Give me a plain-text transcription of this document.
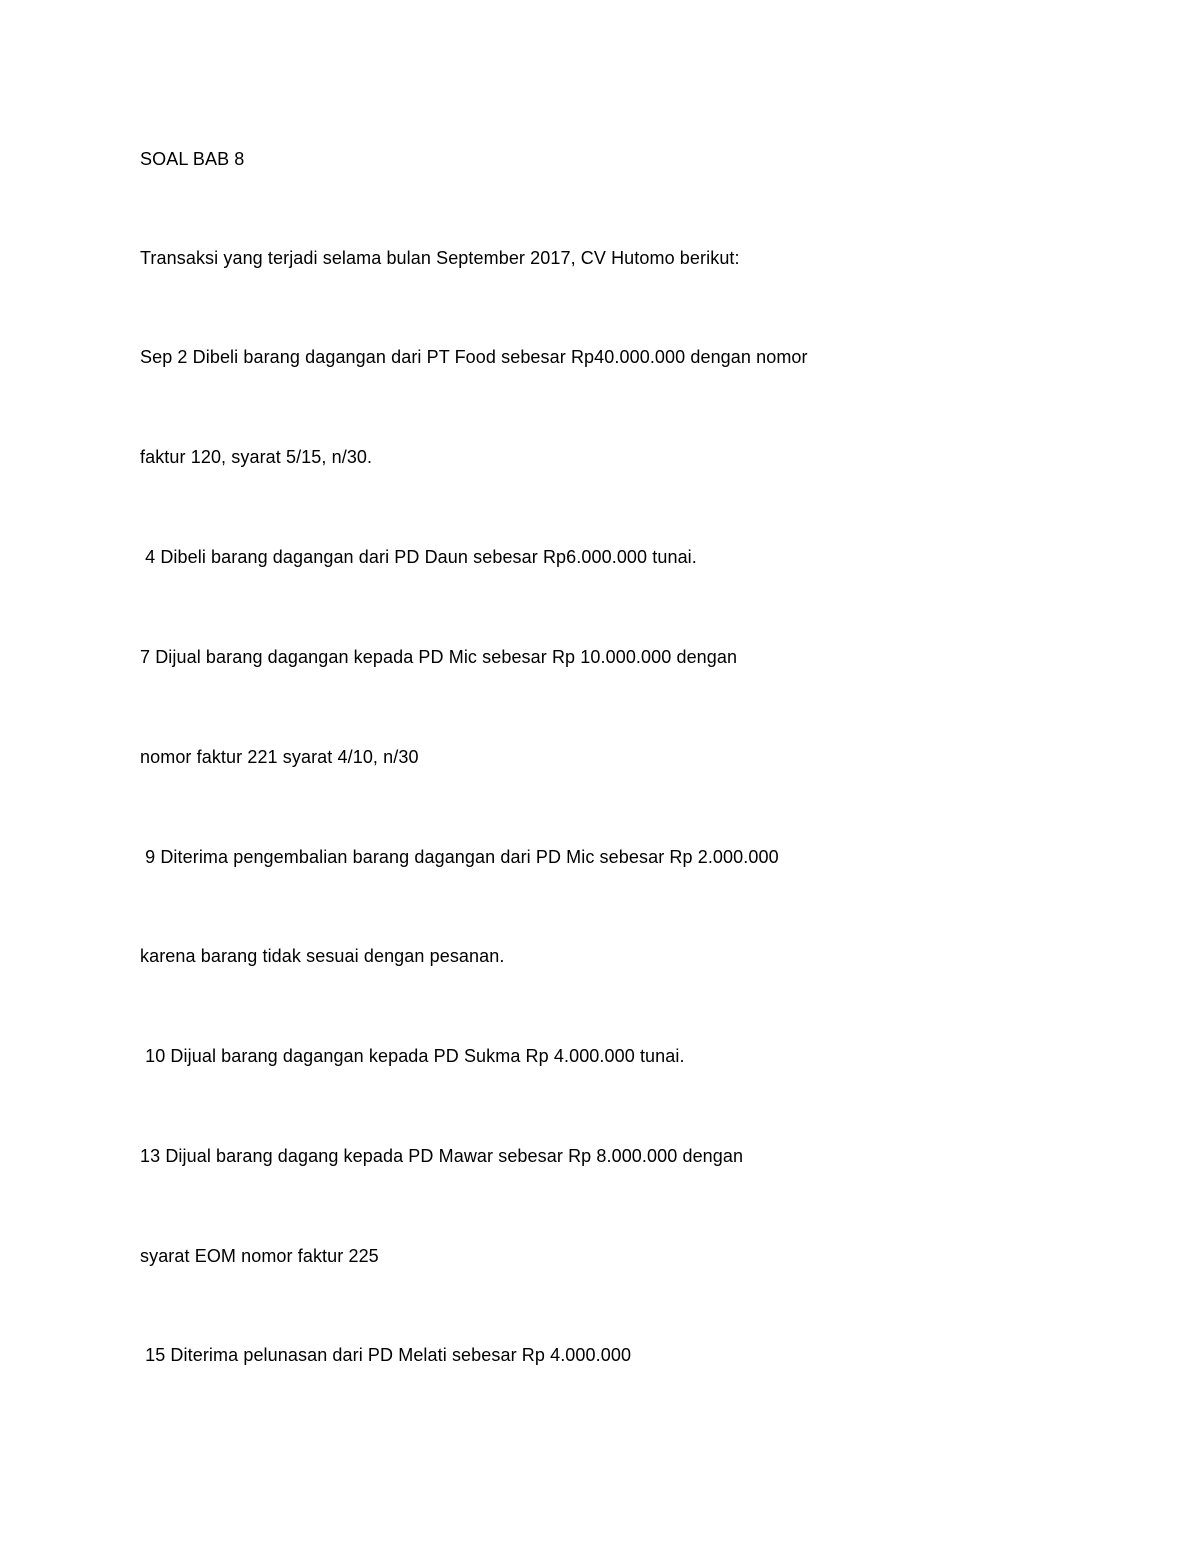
SOAL BAB 8

Transaksi yang terjadi selama bulan September 2017, CV Hutomo berikut:

Sep 2 Dibeli barang dagangan dari PT Food sebesar Rp40.000.000 dengan nomor

faktur 120, syarat 5/15, n/30.

4 Dibeli barang dagangan dari PD Daun sebesar Rp6.000.000 tunai.

7 Dijual barang dagangan kepada PD Mic sebesar Rp 10.000.000 dengan

nomor faktur 221 syarat 4/10, n/30

9 Diterima pengembalian barang dagangan dari PD Mic sebesar Rp 2.000.000

karena barang tidak sesuai dengan pesanan.

10 Dijual barang dagangan kepada PD Sukma Rp 4.000.000 tunai.

13 Dijual barang dagang kepada PD Mawar sebesar Rp 8.000.000 dengan

syarat EOM nomor faktur 225

15 Diterima pelunasan dari PD Melati sebesar Rp 4.000.000
